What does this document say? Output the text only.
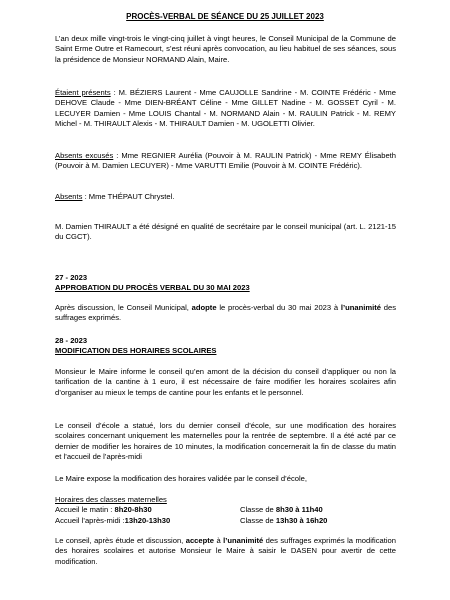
PROCÈS-VERBAL DE SÉANCE DU 25 JUILLET 2023
L’an deux mille vingt-trois le vingt-cinq juillet à vingt heures, le Conseil Municipal de la Commune de Saint Erme Outre et Ramecourt, s’est réuni après convocation, au lieu habituel de ses séances, sous la présidence de Monsieur NORMAND Alain, Maire.
Étaient présents : M. BÉZIERS Laurent - Mme CAUJOLLE Sandrine - M. COINTE Frédéric - Mme DEHOVE Claude - Mme DIEN-BRÉANT Céline - Mme GILLET Nadine - M. GOSSET Cyril - M. LECUYER Damien - Mme LOUIS Chantal - M. NORMAND Alain - M. RAULIN Patrick - M. REMY Michel - M. THIRAULT Alexis - M. THIRAULT Damien - M. UGOLETTI Olivier.
Absents excusés : Mme REGNIER Aurélia (Pouvoir à M. RAULIN Patrick) - Mme REMY Élisabeth (Pouvoir à M. Damien LECUYER) - Mme VARUTTI Emilie (Pouvoir à M. COINTE Frédéric).
Absents : Mme THÉPAUT Chrystel.
M. Damien THIRAULT a été désigné en qualité de secrétaire par le conseil municipal (art. L. 2121-15 du CGCT).
27 - 2023
APPROBATION DU PROCÈS VERBAL DU 30 MAI 2023
Après discussion, le Conseil Municipal, adopte le procès-verbal du 30 mai 2023 à l’unanimité des suffrages exprimés.
28 - 2023
MODIFICATION DES HORAIRES SCOLAIRES
Monsieur le Maire informe le conseil qu’en amont de la décision du conseil d’appliquer ou non la tarification de la cantine à 1 euro, il est nécessaire de faire modifier les horaires scolaires afin d’organiser au mieux le temps de cantine pour les enfants et le personnel.
Le conseil d’école a statué, lors du dernier conseil d’école, sur une modification des horaires scolaires concernant uniquement les maternelles pour la rentrée de septembre. Il a été acté par ce dernier de modifier les horaires de 10 minutes, la modification concernerait la fin de classe du matin et l’accueil de l’après-midi
Le Maire expose la modification des horaires validée par le conseil d’école,
Horaires des classes maternelles
Accueil le matin : 8h20-8h30	Classe de 8h30 à 11h40
Accueil l’après-midi :13h20-13h30	Classe de 13h30 à 16h20
Le conseil, après étude et discussion, accepte à l’unanimité des suffrages exprimés la modification des horaires scolaires et autorise Monsieur le Maire à saisir le DASEN pour avertir de cette modification.
